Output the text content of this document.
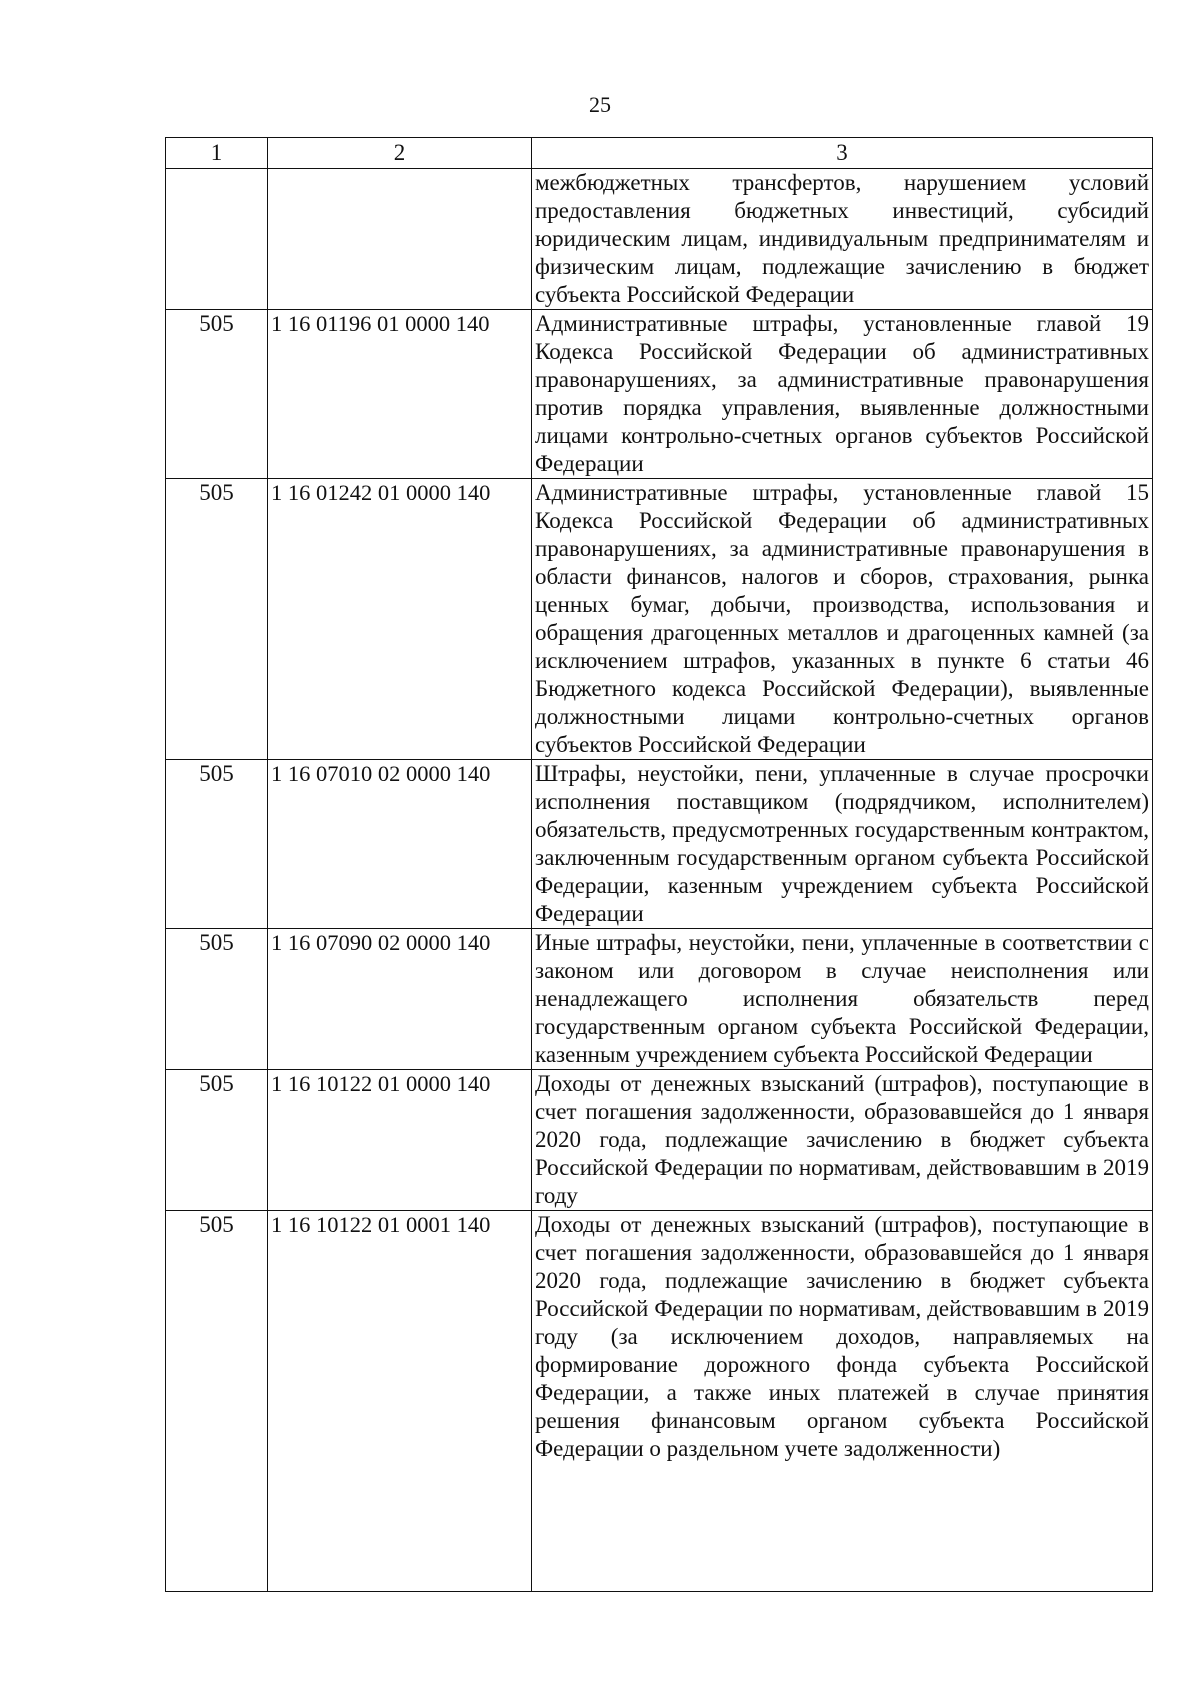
25
1	2	3
		межбюджетных трансфертов, нарушением условий предоставления бюджетных инвестиций, субсидий юридическим лицам, индивидуальным предпринимателям и физическим лицам, подлежащие зачислению в бюджет субъекта Российской Федерации
505	1 16 01196 01 0000 140	Административные штрафы, установленные главой 19 Кодекса Российской Федерации об административных правонарушениях, за административные правонарушения против порядка управления, выявленные должностными лицами контрольно-счетных органов субъектов Российской Федерации
505	1 16 01242 01 0000 140	Административные штрафы, установленные главой 15 Кодекса Российской Федерации об административных правонарушениях, за административные правонарушения в области финансов, налогов и сборов, страхования, рынка ценных бумаг, добычи, производства, использования и обращения драгоценных металлов и драгоценных камней (за исключением штрафов, указанных в пункте 6 статьи 46 Бюджетного кодекса Российской Федерации), выявленные должностными лицами контрольно-счетных органов субъектов Российской Федерации
505	1 16 07010 02 0000 140	Штрафы, неустойки, пени, уплаченные в случае просрочки исполнения поставщиком (подрядчиком, исполнителем) обязательств, предусмотренных государственным контрактом, заключенным государственным органом субъекта Российской Федерации, казенным учреждением субъекта Российской Федерации
505	1 16 07090 02 0000 140	Иные штрафы, неустойки, пени, уплаченные в соответствии с законом или договором в случае неисполнения или ненадлежащего исполнения обязательств перед государственным органом субъекта Российской Федерации, казенным учреждением субъекта Российской Федерации
505	1 16 10122 01 0000 140	Доходы от денежных взысканий (штрафов), поступающие в счет погашения задолженности, образовавшейся до 1 января 2020 года, подлежащие зачислению в бюджет субъекта Российской Федерации по нормативам, действовавшим в 2019 году
505	1 16 10122 01 0001 140	Доходы от денежных взысканий (штрафов), поступающие в счет погашения задолженности, образовавшейся до 1 января 2020 года, подлежащие зачислению в бюджет субъекта Российской Федерации по нормативам, действовавшим в 2019 году (за исключением доходов, направляемых на формирование дорожного фонда субъекта Российской Федерации, а также иных платежей в случае принятия решения финансовым органом субъекта Российской Федерации о раздельном учете задолженности)
